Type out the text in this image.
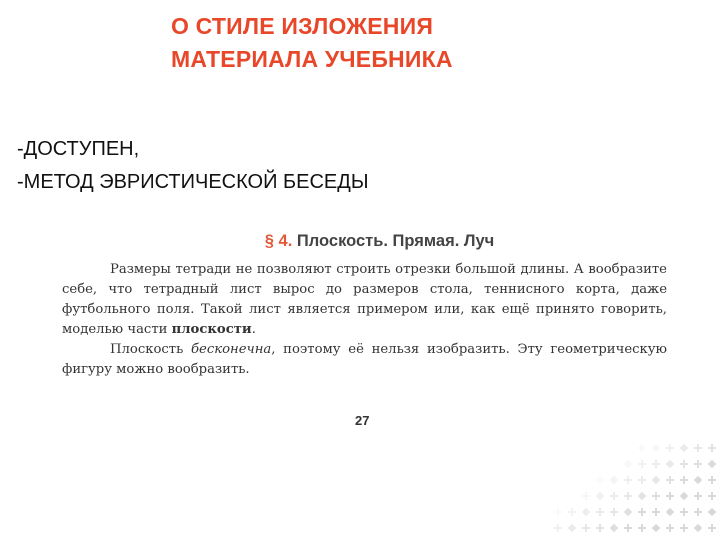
О СТИЛЕ ИЗЛОЖЕНИЯ
МАТЕРИАЛА УЧЕБНИКА
-ДОСТУПЕН,
-МЕТОД ЭВРИСТИЧЕСКОЙ БЕСЕДЫ
§ 4. Плоскость. Прямая. Луч

Размеры тетради не позволяют строить отрезки большой длины. А вообразите себе, что тетрадный лист вырос до размеров стола, теннисного корта, даже футбольного поля. Такой лист является примером или, как ещё принято говорить, моделью части плоскости.

Плоскость бесконечна, поэтому её нельзя изобразить. Эту геометрическую фигуру можно вообразить.

27
